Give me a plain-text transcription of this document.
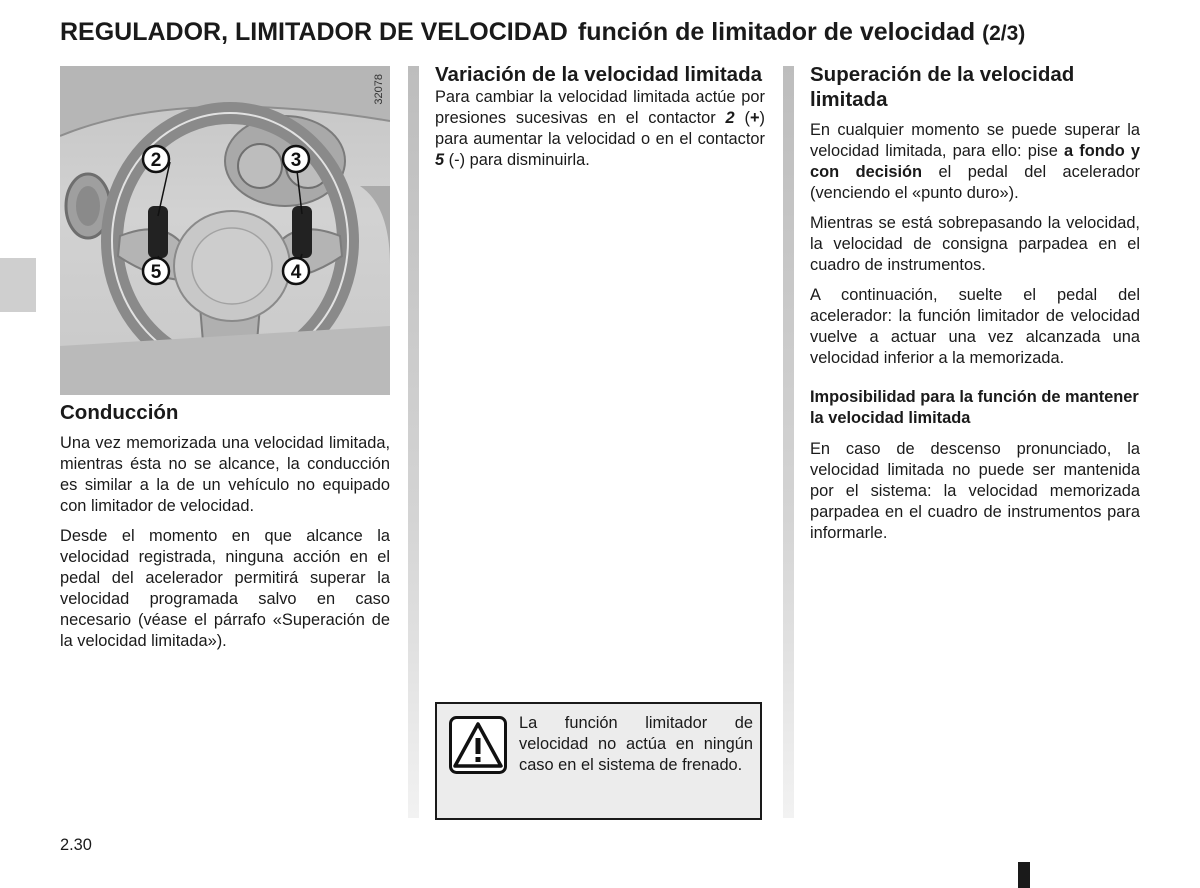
REGULADOR, LIMITADOR DE VELOCIDAD función de limitador de velocidad (2/3)
32078
2	3
5	4
Conducción

Una vez memorizada una velocidad limitada, mientras ésta no se alcance, la conducción es similar a la de un vehículo no equipado con limitador de velocidad.

Desde el momento en que alcance la velocidad registrada, ninguna acción en el pedal del acelerador permitirá superar la velocidad programada salvo en caso necesario (véase el párrafo «Superación de la velocidad limitada»).

Variación de la velocidad limitada

Para cambiar la velocidad limitada actúe por presiones sucesivas en el contactor 2 (+) para aumentar la velocidad o en el contactor 5 (-) para disminuirla.

La función limitador de velocidad no actúa en ningún caso en el sistema de frenado.

Superación de la velocidad limitada

En cualquier momento se puede superar la velocidad limitada, para ello: pise a fondo y con decisión el pedal del acelerador (venciendo el «punto duro»).

Mientras se está sobrepasando la velocidad, la velocidad de consigna parpadea en el cuadro de instrumentos.

A continuación, suelte el pedal del acelerador: la función limitador de velocidad vuelve a actuar una vez alcanzada una velocidad inferior a la memorizada.

Imposibilidad para la función de mantener la velocidad limitada

En caso de descenso pronunciado, la velocidad limitada no puede ser mantenida por el sistema: la velocidad memorizada parpadea en el cuadro de instrumentos para informarle.

2.30
